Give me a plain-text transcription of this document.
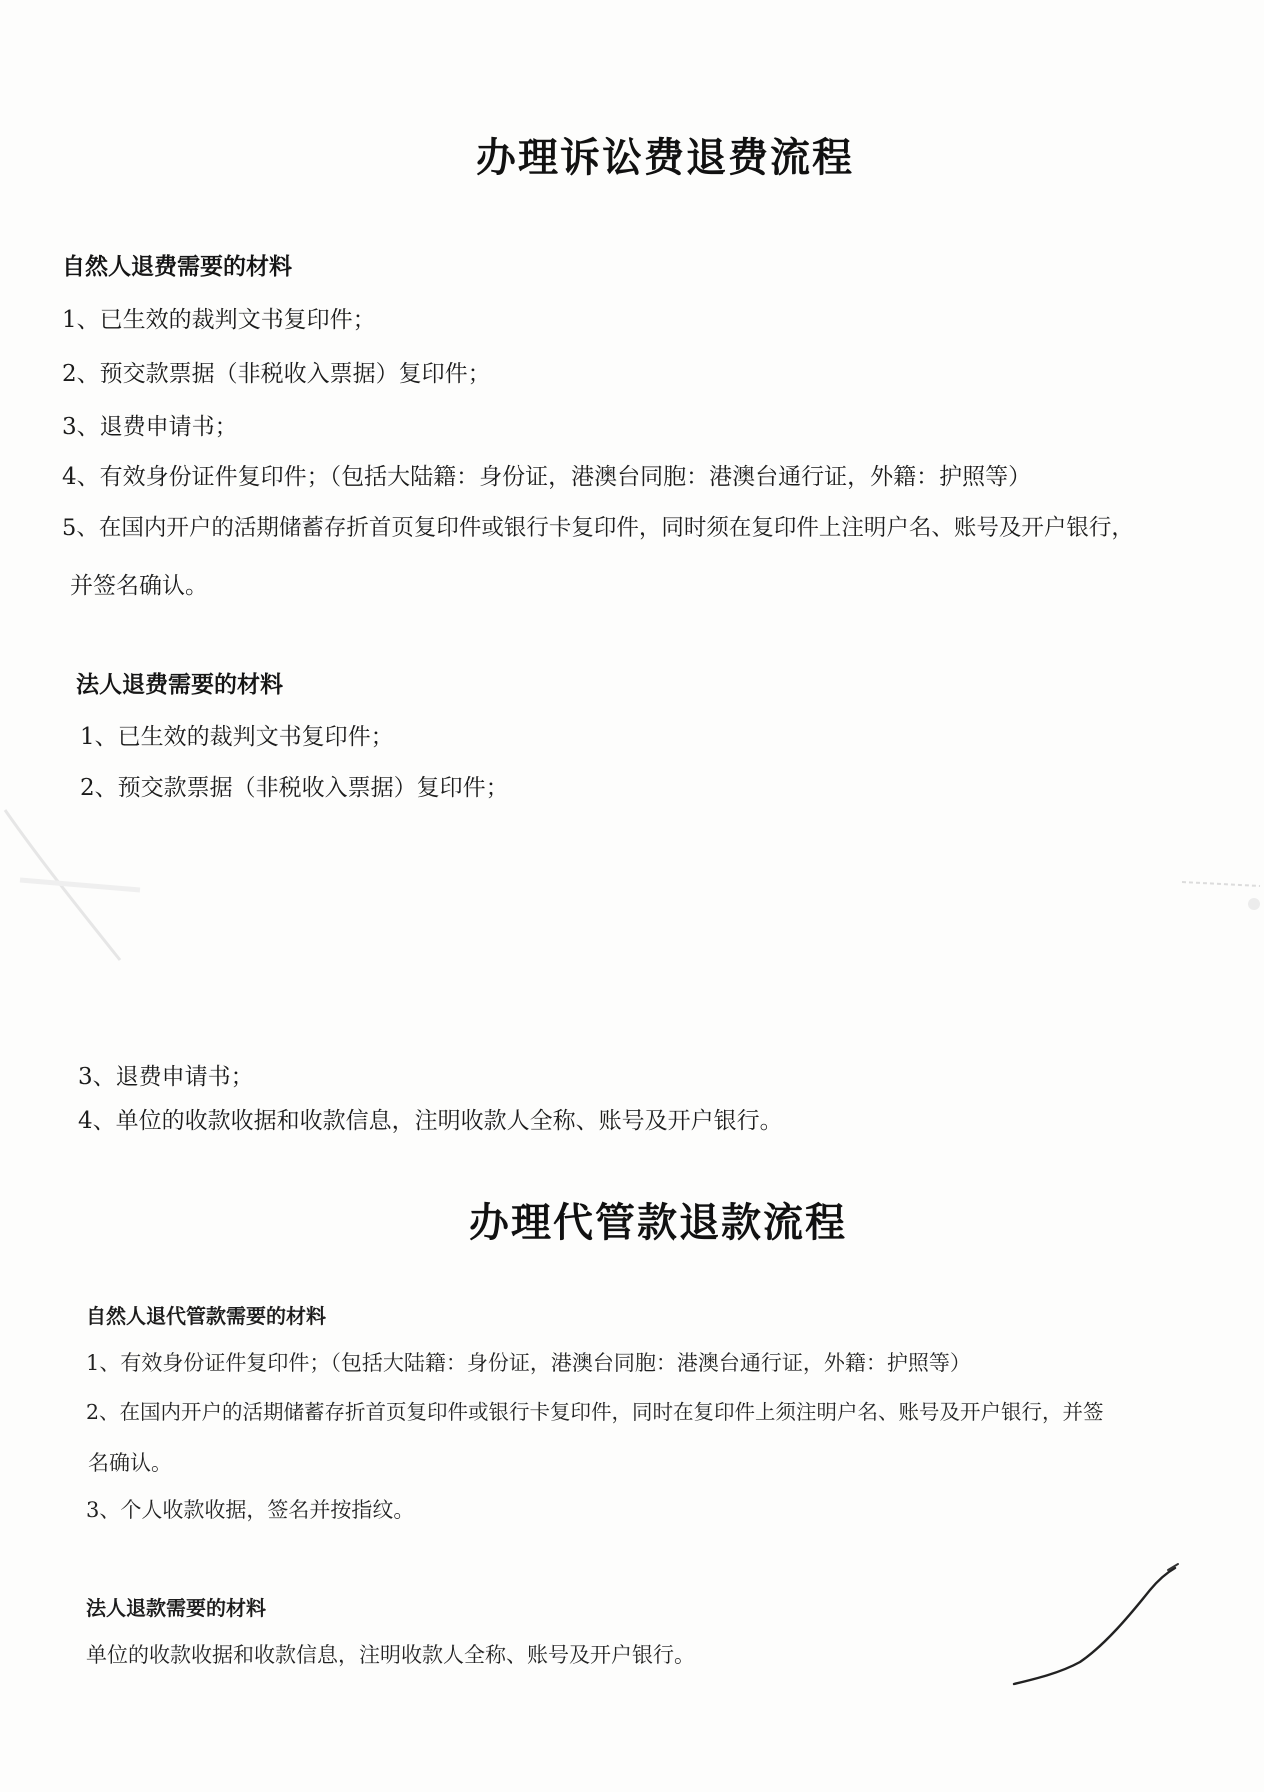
办理诉讼费退费流程
自然人退费需要的材料
1、已生效的裁判文书复印件；
2、预交款票据（非税收入票据）复印件；
3、退费申请书；
4、有效身份证件复印件；（包括大陆籍：身份证，港澳台同胞：港澳台通行证，外籍：护照等）
5、在国内开户的活期储蓄存折首页复印件或银行卡复印件，同时须在复印件上注明户名、账号及开户银行，
并签名确认。
法人退费需要的材料
1、已生效的裁判文书复印件；
2、预交款票据（非税收入票据）复印件；
3、退费申请书；
4、单位的收款收据和收款信息，注明收款人全称、账号及开户银行。
办理代管款退款流程
自然人退代管款需要的材料
1、有效身份证件复印件；（包括大陆籍：身份证，港澳台同胞：港澳台通行证，外籍：护照等）
2、在国内开户的活期储蓄存折首页复印件或银行卡复印件，同时在复印件上须注明户名、账号及开户银行，并签
名确认。
3、个人收款收据，签名并按指纹。
法人退款需要的材料
单位的收款收据和收款信息，注明收款人全称、账号及开户银行。
